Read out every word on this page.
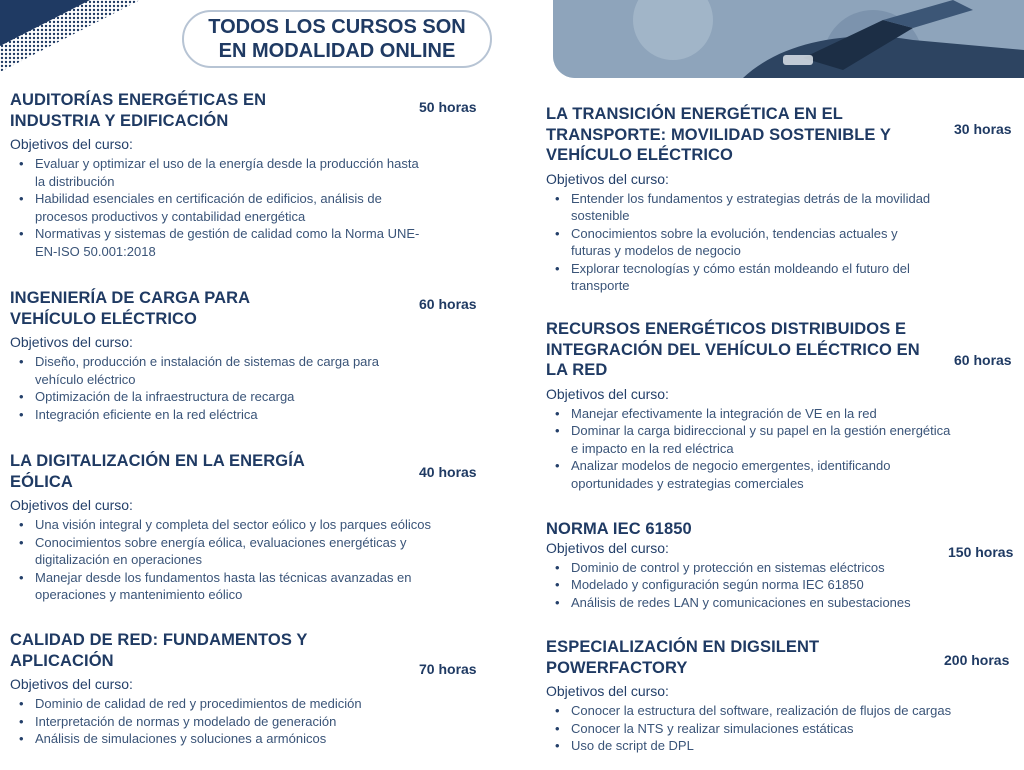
TODOS LOS CURSOS SON
EN MODALIDAD ONLINE
AUDITORÍAS ENERGÉTICAS EN
INDUSTRIA Y EDIFICACIÓN
50 horas
Objetivos del curso:
• Evaluar y optimizar el uso de la energía desde la producción hasta
la distribución
• Habilidad esenciales en certificación de edificios, análisis de
procesos productivos y contabilidad energética
• Normativas y sistemas de gestión de calidad como la Norma UNE-
EN-ISO 50.001:2018
INGENIERÍA DE CARGA PARA
VEHÍCULO ELÉCTRICO
60 horas
Objetivos del curso:
• Diseño, producción e instalación de sistemas de carga para
vehículo eléctrico
• Optimización de la infraestructura de recarga
• Integración eficiente en la red eléctrica
LA DIGITALIZACIÓN EN LA ENERGÍA
EÓLICA
40 horas
Objetivos del curso:
• Una visión integral y completa del sector eólico y los parques eólicos
• Conocimientos sobre energía eólica, evaluaciones energéticas y
digitalización en operaciones
• Manejar desde los fundamentos hasta las técnicas avanzadas en
operaciones y mantenimiento eólico
CALIDAD DE RED: FUNDAMENTOS Y
APLICACIÓN	70 horas
Objetivos del curso:
• Dominio de calidad de red y procedimientos de medición
• Interpretación de normas y modelado de generación
• Análisis de simulaciones y soluciones a armónicos
LA TRANSICIÓN ENERGÉTICA EN EL
TRANSPORTE: MOVILIDAD SOSTENIBLE Y
VEHÍCULO ELÉCTRICO
30 horas
Objetivos del curso:
• Entender los fundamentos y estrategias detrás de la movilidad
sostenible
• Conocimientos sobre la evolución, tendencias actuales y
futuras y modelos de negocio
• Explorar tecnologías y cómo están moldeando el futuro del
transporte
RECURSOS ENERGÉTICOS DISTRIBUIDOS E
INTEGRACIÓN DEL VEHÍCULO ELÉCTRICO EN
LA RED
60 horas
Objetivos del curso:
• Manejar efectivamente la integración de VE en la red
• Dominar la carga bidireccional y su papel en la gestión energética
e impacto en la red eléctrica
• Analizar modelos de negocio emergentes, identificando
oportunidades y estrategias comerciales
NORMA IEC 61850
150 horas
Objetivos del curso:
• Dominio de control y protección en sistemas eléctricos
• Modelado y configuración según norma IEC 61850
• Análisis de redes LAN y comunicaciones en subestaciones
ESPECIALIZACIÓN EN DIGSILENT
POWERFACTORY	200 horas
Objetivos del curso:
• Conocer la estructura del software, realización de flujos de cargas
• Conocer la NTS y realizar simulaciones estáticas
• Uso de script de DPL
